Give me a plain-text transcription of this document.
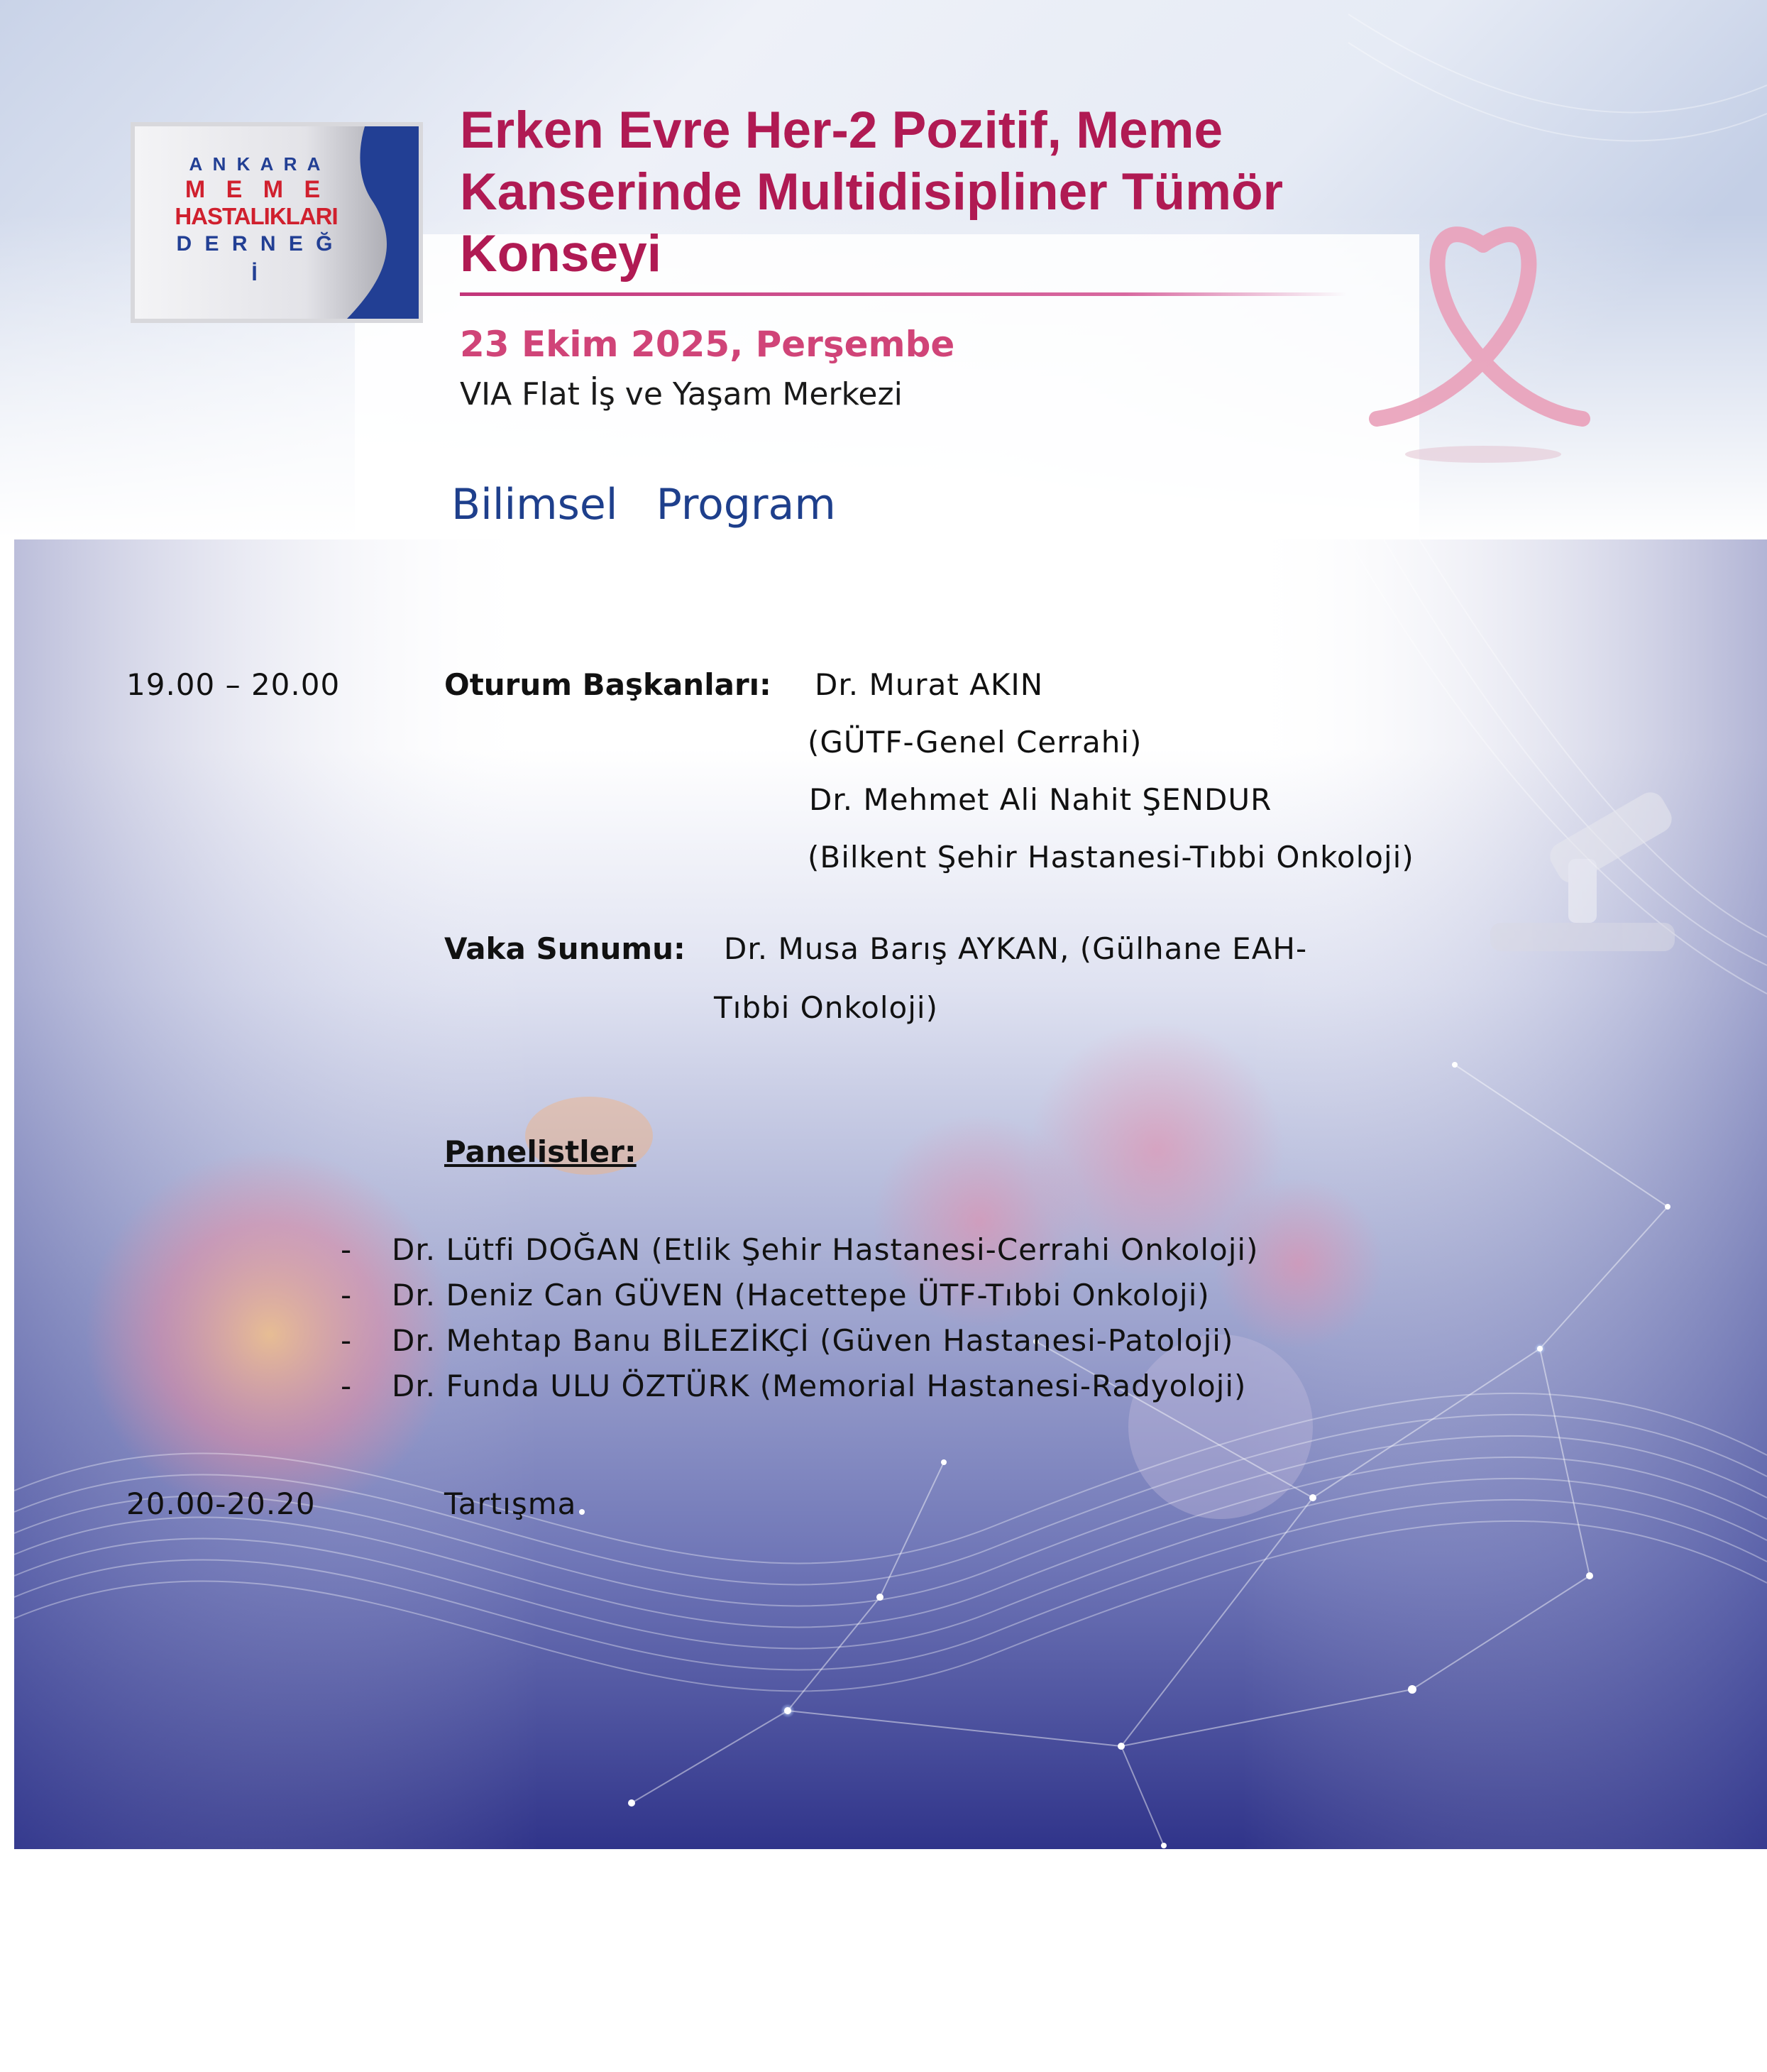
A N K A R A
M E M E
HASTALIKLARI
D E R N E Ğ İ
Erken Evre Her-2 Pozitif, Meme
Kanserinde Multidisipliner Tümör
Konseyi
23 Ekim 2025, Perşembe
VIA Flat İş ve Yaşam Merkezi
Bilimsel  Program
19.00 – 20.00	Oturum Başkanları: Dr. Murat AKIN
(GÜTF-Genel Cerrahi)
Dr. Mehmet Ali Nahit ŞENDUR
(Bilkent Şehir Hastanesi-Tıbbi Onkoloji)
Vaka Sunumu: Dr. Musa Barış AYKAN, (Gülhane EAH-
Tıbbi Onkoloji)
Panelistler:
- Dr. Lütfi DOĞAN (Etlik Şehir Hastanesi-Cerrahi Onkoloji)
- Dr. Deniz Can GÜVEN (Hacettepe ÜTF-Tıbbi Onkoloji)
- Dr. Mehtap Banu BİLEZİKÇİ (Güven Hastanesi-Patoloji)
- Dr. Funda ULU ÖZTÜRK (Memorial Hastanesi-Radyoloji)
20.00-20.20	Tartışma
